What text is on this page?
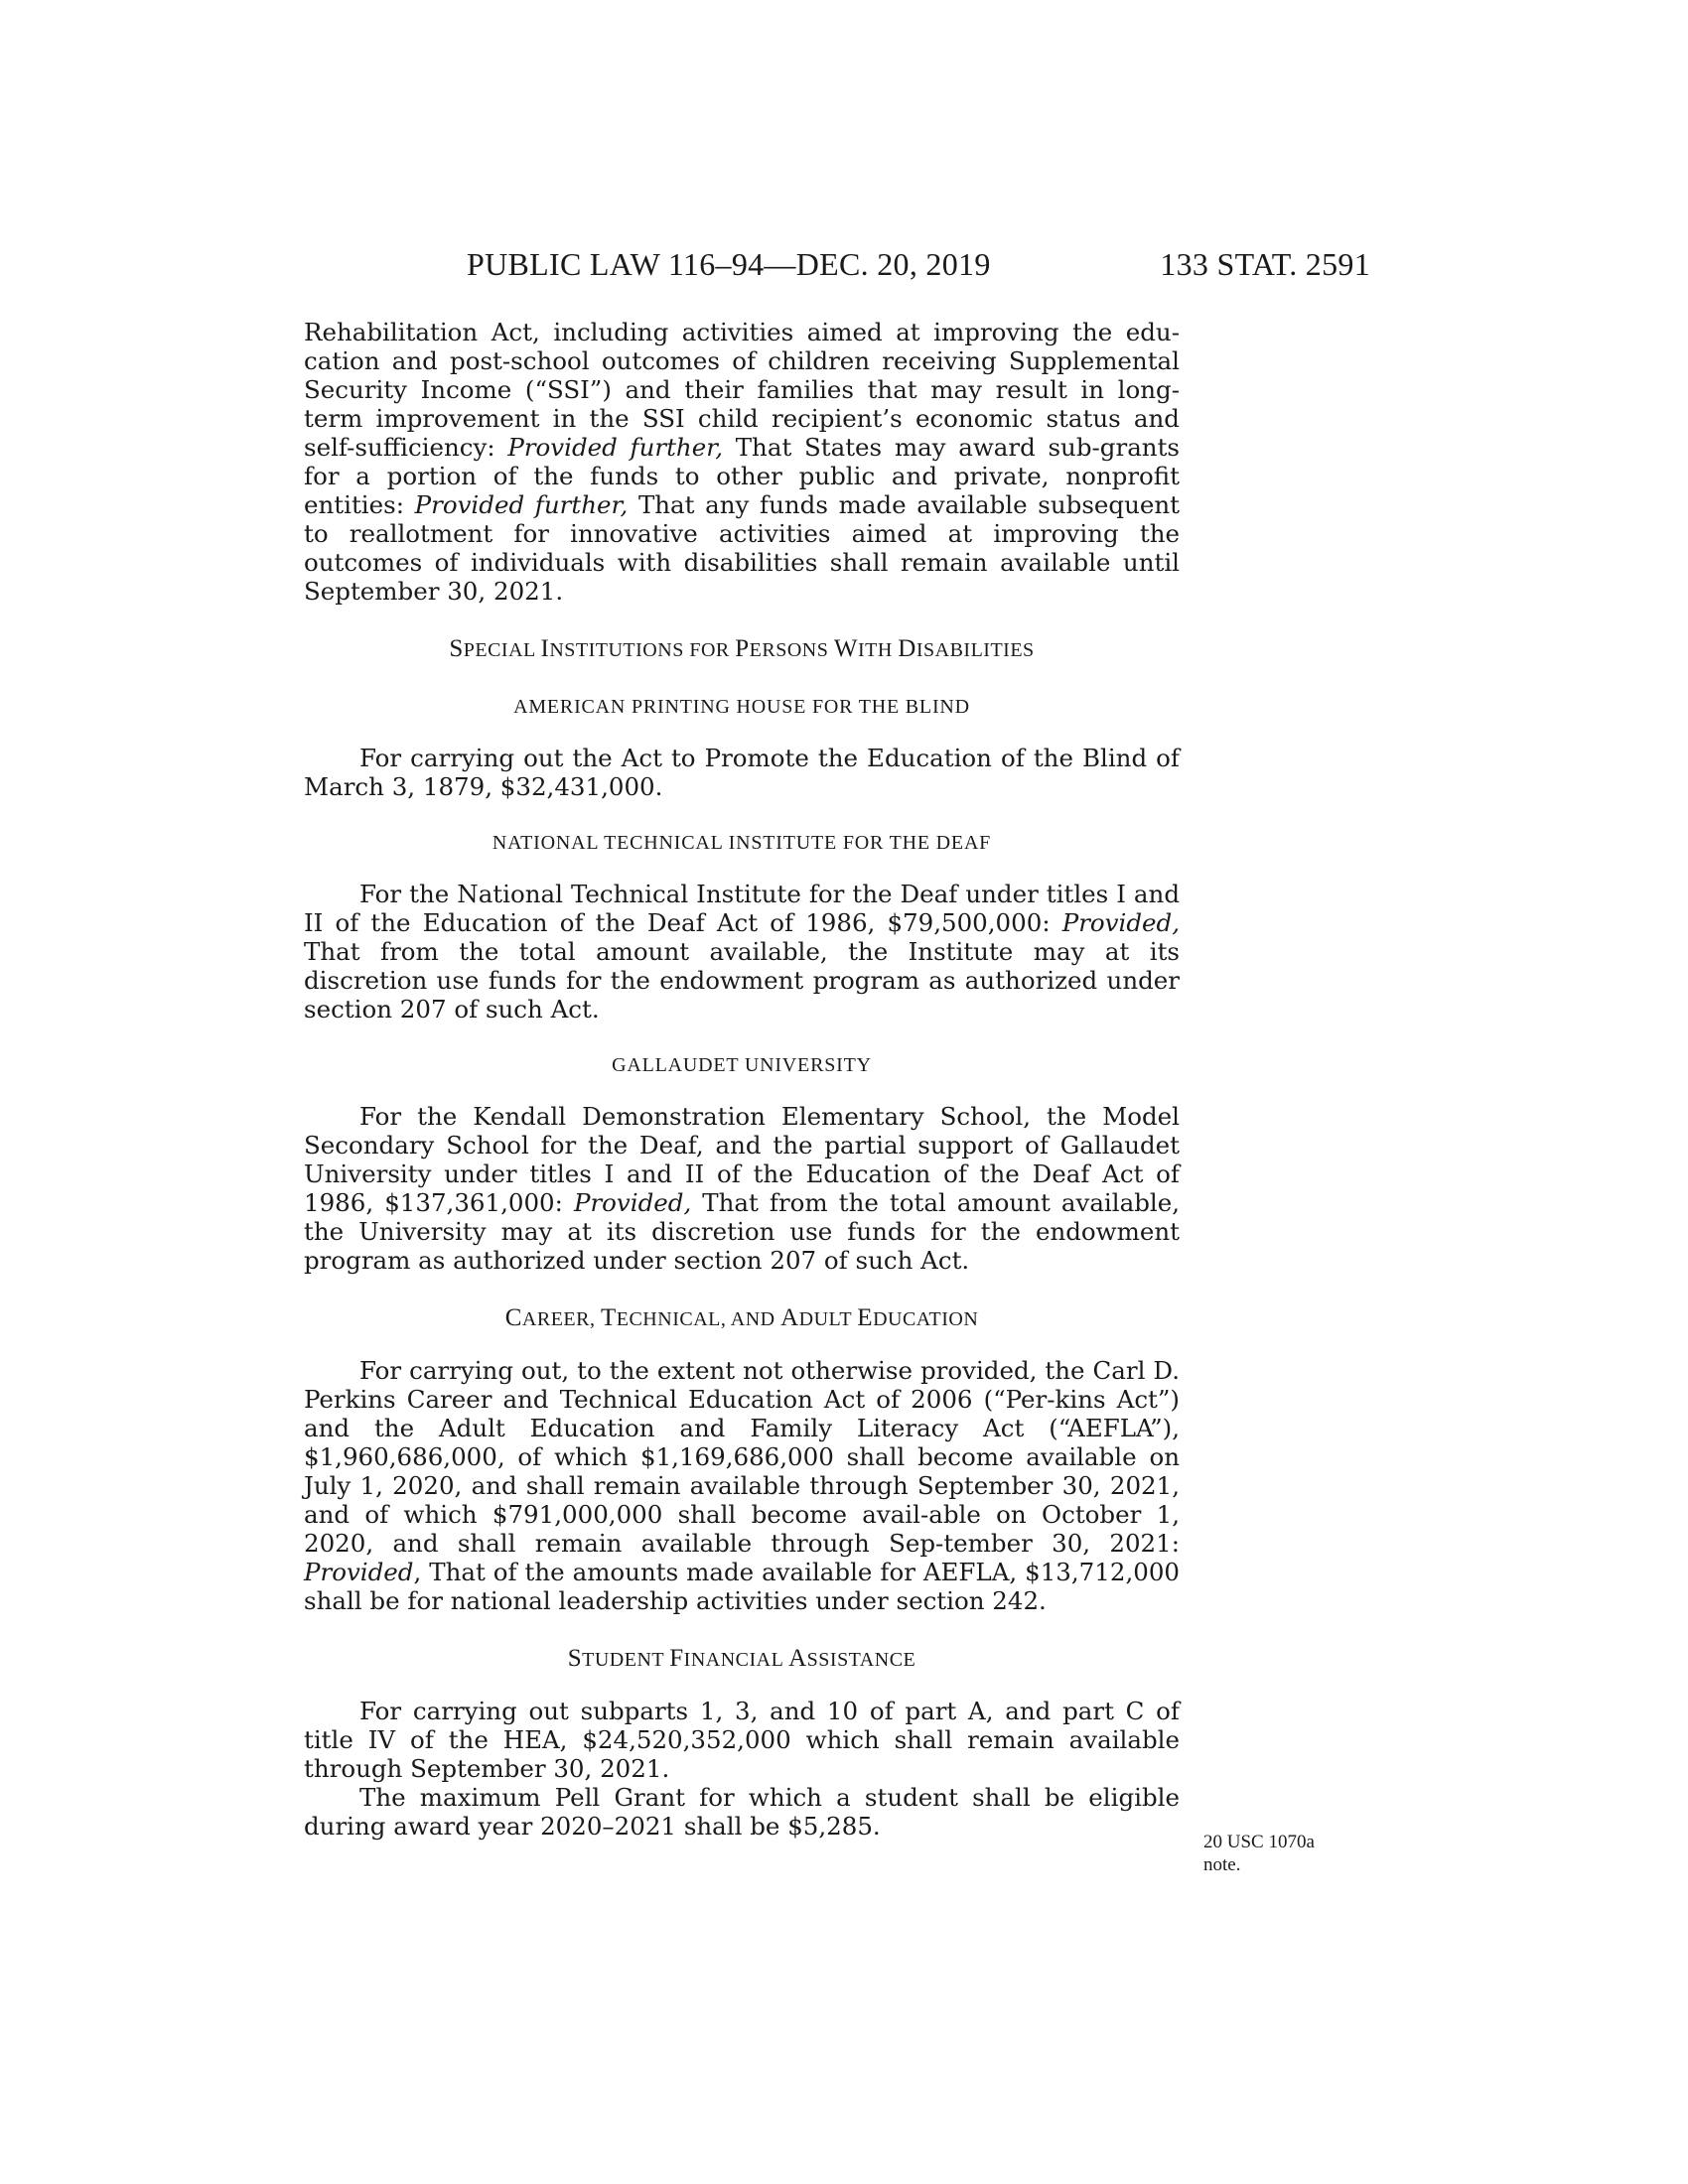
PUBLIC LAW 116–94—DEC. 20, 2019	133 STAT. 2591

Rehabilitation Act, including activities aimed at improving the edu-cation and post-school outcomes of children receiving Supplemental Security Income (“SSI”) and their families that may result in long-term improvement in the SSI child recipient’s economic status and self-sufficiency: Provided further, That States may award sub-grants for a portion of the funds to other public and private, nonprofit entities: Provided further, That any funds made available subsequent to reallotment for innovative activities aimed at improving the outcomes of individuals with disabilities shall remain available until September 30, 2021.

SPECIAL INSTITUTIONS FOR PERSONS WITH DISABILITIES
AMERICAN PRINTING HOUSE FOR THE BLIND

For carrying out the Act to Promote the Education of the Blind of March 3, 1879, $32,431,000.

NATIONAL TECHNICAL INSTITUTE FOR THE DEAF

For the National Technical Institute for the Deaf under titles I and II of the Education of the Deaf Act of 1986, $79,500,000: Provided, That from the total amount available, the Institute may at its discretion use funds for the endowment program as authorized under section 207 of such Act.

GALLAUDET UNIVERSITY

For the Kendall Demonstration Elementary School, the Model Secondary School for the Deaf, and the partial support of Gallaudet University under titles I and II of the Education of the Deaf Act of 1986, $137,361,000: Provided, That from the total amount available, the University may at its discretion use funds for the endowment program as authorized under section 207 of such Act.

CAREER, TECHNICAL, AND ADULT EDUCATION

For carrying out, to the extent not otherwise provided, the Carl D. Perkins Career and Technical Education Act of 2006 (“Per-kins Act”) and the Adult Education and Family Literacy Act (“AEFLA”), $1,960,686,000, of which $1,169,686,000 shall become available on July 1, 2020, and shall remain available through September 30, 2021, and of which $791,000,000 shall become avail-able on October 1, 2020, and shall remain available through Sep-tember 30, 2021: Provided, That of the amounts made available for AEFLA, $13,712,000 shall be for national leadership activities under section 242.

STUDENT FINANCIAL ASSISTANCE

For carrying out subparts 1, 3, and 10 of part A, and part C of title IV of the HEA, $24,520,352,000 which shall remain available through September 30, 2021.

The maximum Pell Grant for which a student shall be eligible during award year 2020–2021 shall be $5,285.

20 USC 1070a
note.
